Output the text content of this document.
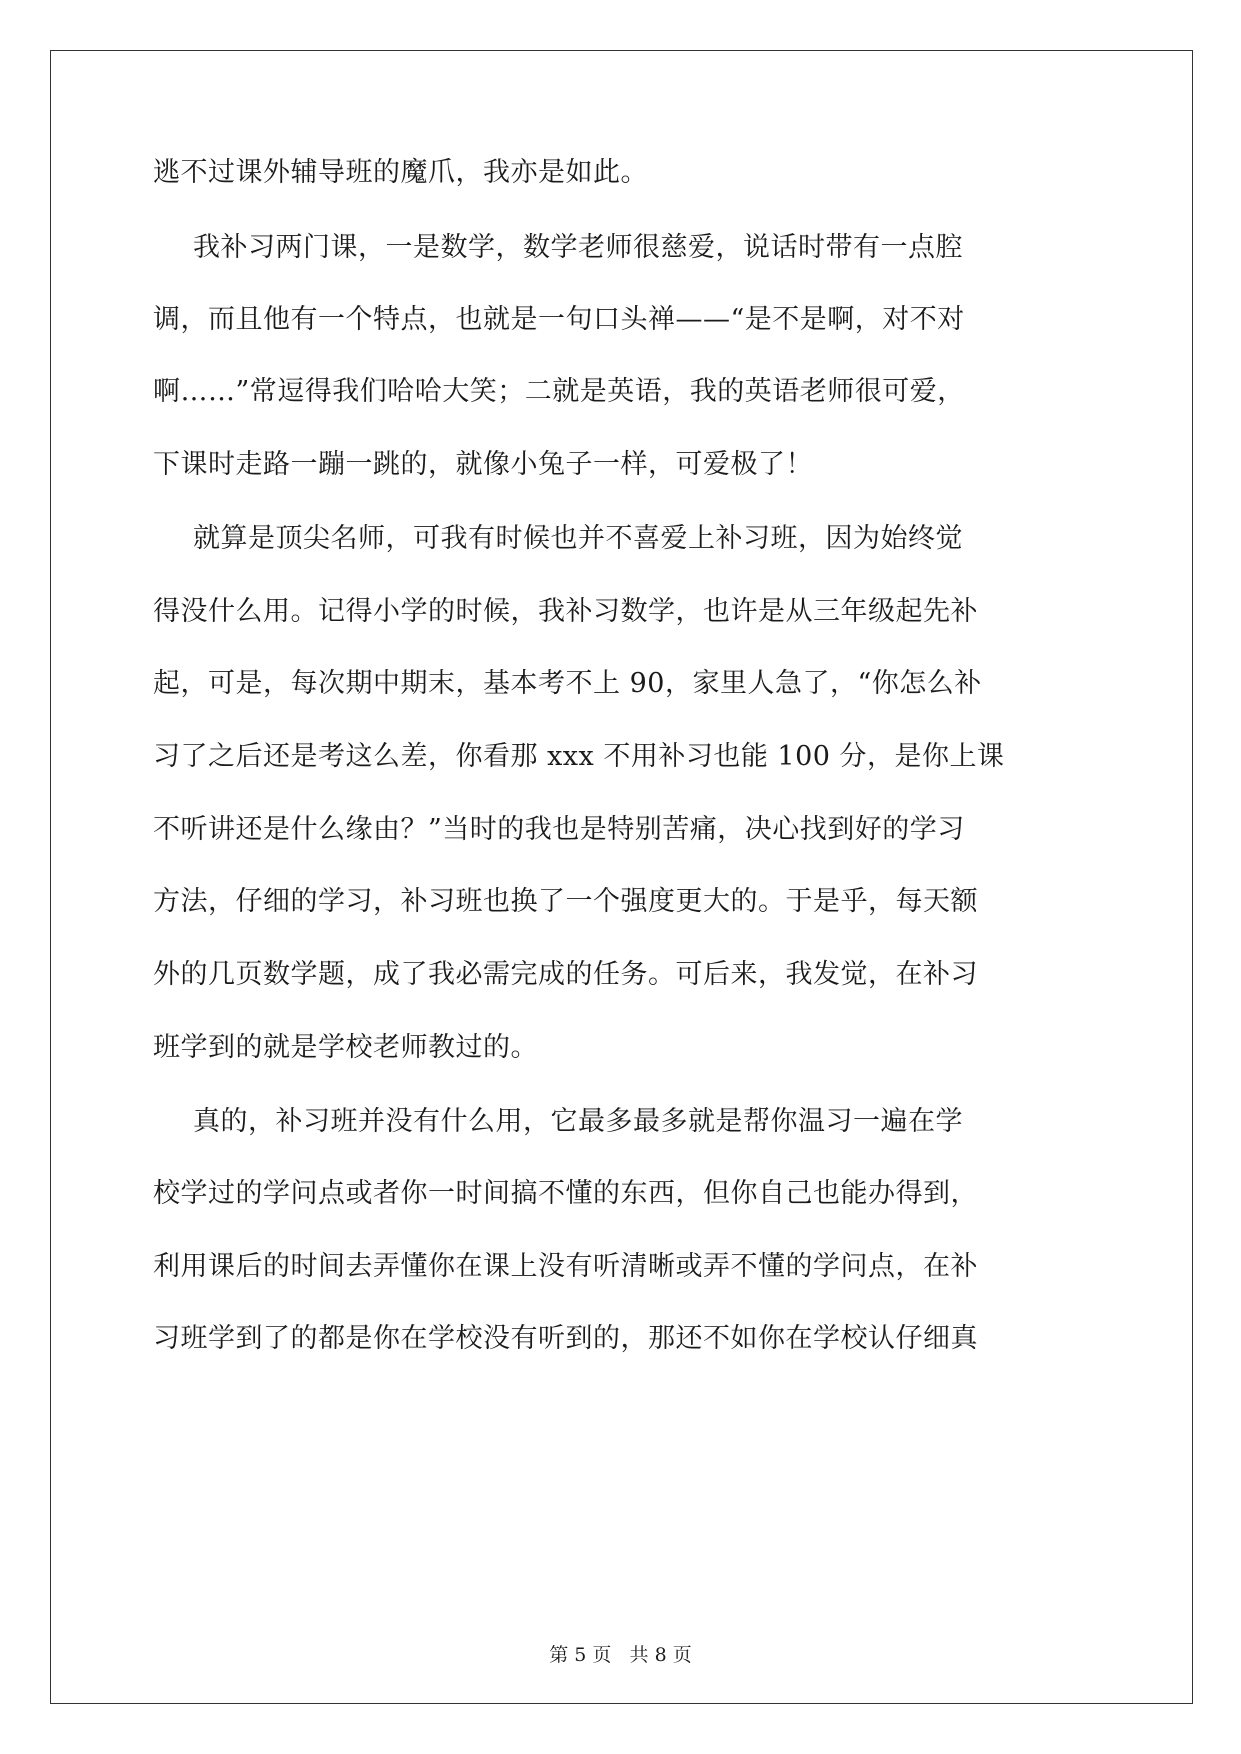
逃不过课外辅导班的魔爪，我亦是如此。
我补习两门课，一是数学，数学老师很慈爱，说话时带有一点腔
调，而且他有一个特点，也就是一句口头禅——“是不是啊，对不对
啊……”常逗得我们哈哈大笑；二就是英语，我的英语老师很可爱，
下课时走路一蹦一跳的，就像小兔子一样，可爱极了！
就算是顶尖名师，可我有时候也并不喜爱上补习班，因为始终觉
得没什么用。记得小学的时候，我补习数学，也许是从三年级起先补
起，可是，每次期中期末，基本考不上 90，家里人急了，“你怎么补
习了之后还是考这么差，你看那 xxx 不用补习也能 100 分，是你上课
不听讲还是什么缘由？”当时的我也是特别苦痛，决心找到好的学习
方法，仔细的学习，补习班也换了一个强度更大的。于是乎，每天额
外的几页数学题，成了我必需完成的任务。可后来，我发觉，在补习
班学到的就是学校老师教过的。
真的，补习班并没有什么用，它最多最多就是帮你温习一遍在学
校学过的学问点或者你一时间搞不懂的东西，但你自己也能办得到，
利用课后的时间去弄懂你在课上没有听清晰或弄不懂的学问点，在补
习班学到了的都是你在学校没有听到的，那还不如你在学校认仔细真
第 5 页   共 8 页
